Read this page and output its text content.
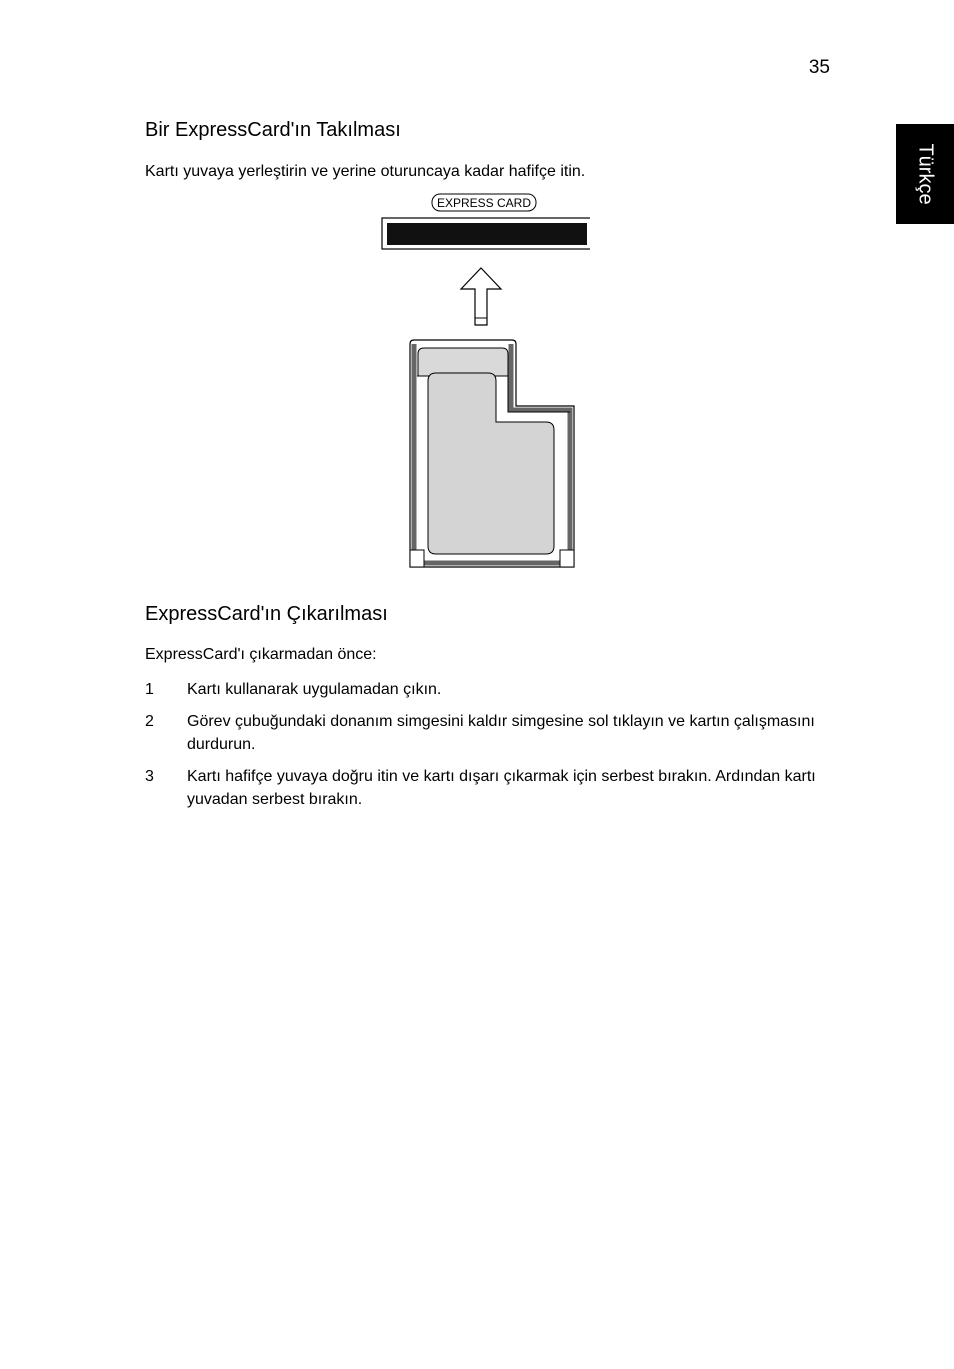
35
Türkçe
Bir ExpressCard'ın Takılması

Kartı yuvaya yerleştirin ve yerine oturuncaya kadar hafifçe itin.

EXPRESS CARD
ExpressCard'ın Çıkarılması

ExpressCard'ı çıkarmadan önce:

1	Kartı kullanarak uygulamadan çıkın.
2	Görev çubuğundaki donanım simgesini kaldır simgesine sol tıklayın ve kartın çalışmasını durdurun.
3	Kartı hafifçe yuvaya doğru itin ve kartı dışarı çıkarmak için serbest bırakın. Ardından kartı yuvadan serbest bırakın.
